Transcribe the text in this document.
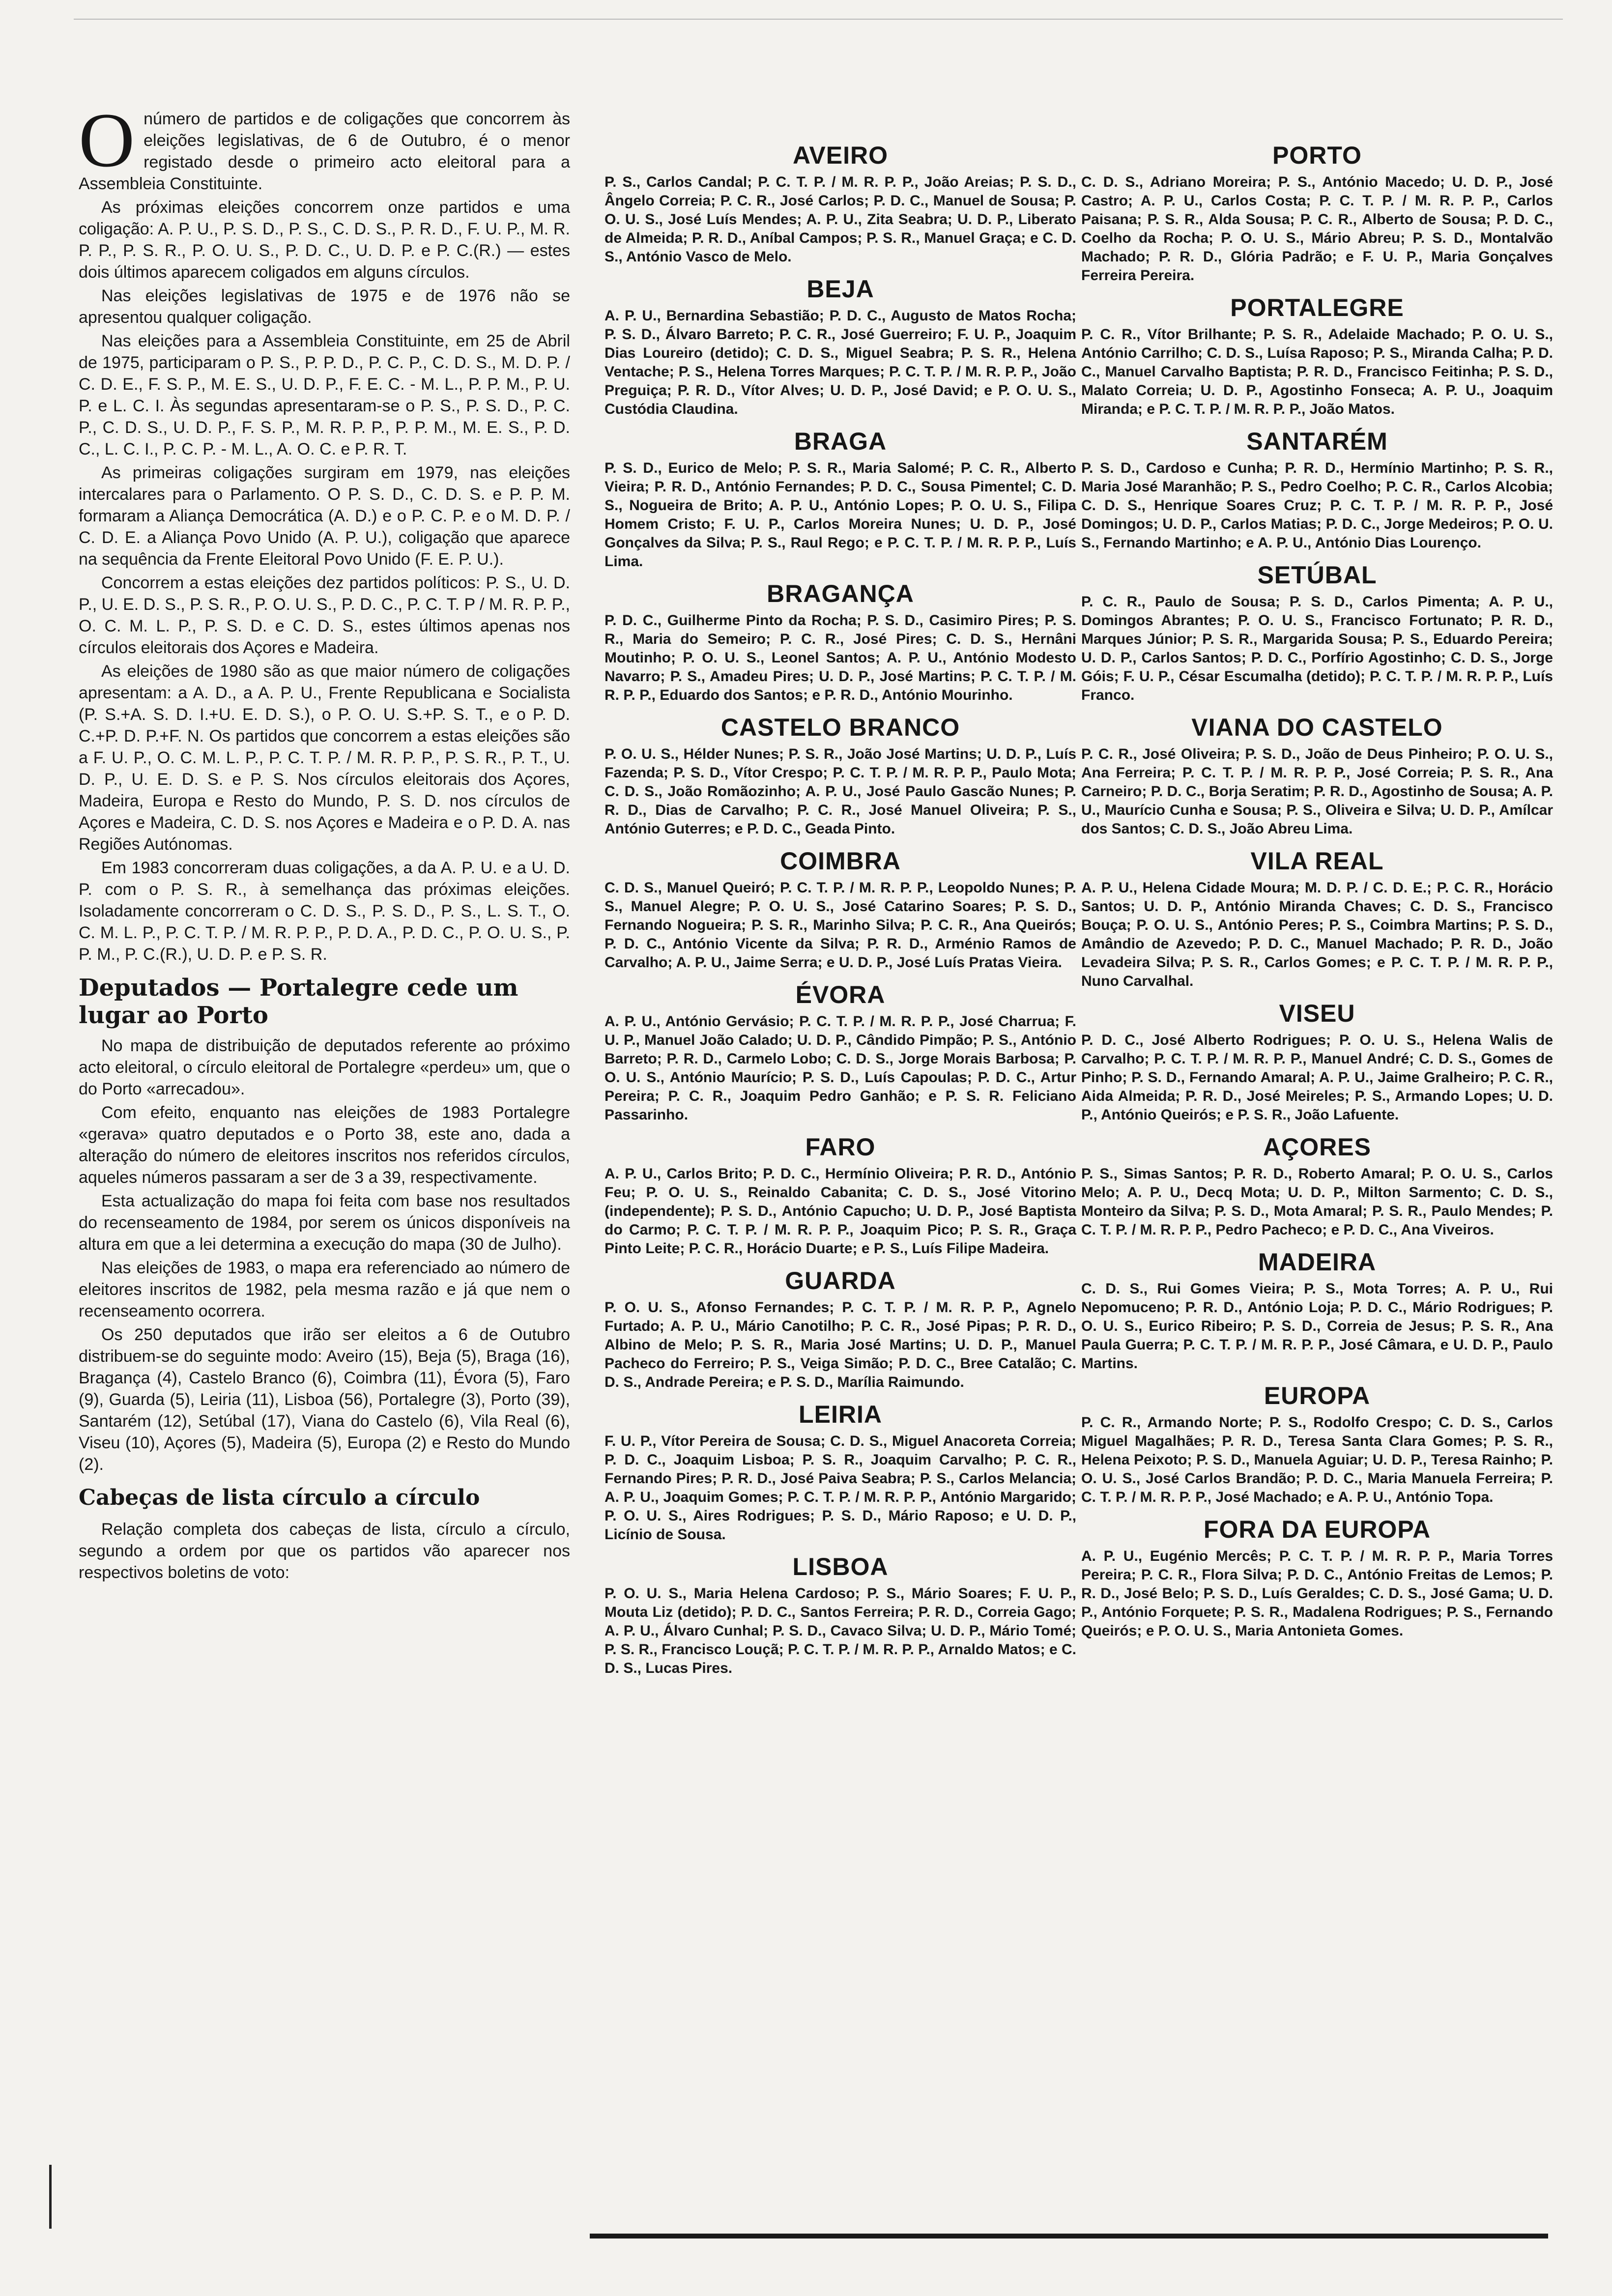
Onúmero de partidos e de coligações que concorrem às eleições legislativas, de 6 de Outubro, é o menor registado desde o primeiro acto eleitoral para a Assembleia Constituinte.

As próximas eleições concorrem onze partidos e uma coligação: A. P. U., P. S. D., P. S., C. D. S., P. R. D., F. U. P., M. R. P. P., P. S. R., P. O. U. S., P. D. C., U. D. P. e P. C.(R.) — estes dois últimos aparecem coligados em alguns círculos.

Nas eleições legislativas de 1975 e de 1976 não se apresentou qualquer coligação.

Nas eleições para a Assembleia Constituinte, em 25 de Abril de 1975, participaram o P. S., P. P. D., P. C. P., C. D. S., M. D. P. / C. D. E., F. S. P., M. E. S., U. D. P., F. E. C. - M. L., P. P. M., P. U. P. e L. C. I. Às segundas apresentaram-se o P. S., P. S. D., P. C. P., C. D. S., U. D. P., F. S. P., M. R. P. P., P. P. M., M. E. S., P. D. C., L. C. I., P. C. P. - M. L., A. O. C. e P. R. T.

As primeiras coligações surgiram em 1979, nas eleições intercalares para o Parlamento. O P. S. D., C. D. S. e P. P. M. formaram a Aliança Democrática (A. D.) e o P. C. P. e o M. D. P. / C. D. E. a Aliança Povo Unido (A. P. U.), coligação que aparece na sequência da Frente Eleitoral Povo Unido (F. E. P. U.).

Concorrem a estas eleições dez partidos políticos: P. S., U. D. P., U. E. D. S., P. S. R., P. O. U. S., P. D. C., P. C. T. P / M. R. P. P., O. C. M. L. P., P. S. D. e C. D. S., estes últimos apenas nos círculos eleitorais dos Açores e Madeira.

As eleições de 1980 são as que maior número de coligações apresentam: a A. D., a A. P. U., Frente Republicana e Socialista (P. S.+A. S. D. I.+U. E. D. S.), o P. O. U. S.+P. S. T., e o P. D. C.+P. D. P.+F. N. Os partidos que concorrem a estas eleições são a F. U. P., O. C. M. L. P., P. C. T. P. / M. R. P. P., P. S. R., P. T., U. D. P., U. E. D. S. e P. S. Nos círculos eleitorais dos Açores, Madeira, Europa e Resto do Mundo, P. S. D. nos círculos de Açores e Madeira, C. D. S. nos Açores e Madeira e o P. D. A. nas Regiões Autónomas.

Em 1983 concorreram duas coligações, a da A. P. U. e a U. D. P. com o P. S. R., à semelhança das próximas eleições. Isoladamente concorreram o C. D. S., P. S. D., P. S., L. S. T., O. C. M. L. P., P. C. T. P. / M. R. P. P., P. D. A., P. D. C., P. O. U. S., P. P. M., P. C.(R.), U. D. P. e P. S. R.

Deputados — Portalegre cede um lugar ao Porto

No mapa de distribuição de deputados referente ao próximo acto eleitoral, o círculo eleitoral de Portalegre «perdeu» um, que o do Porto «arrecadou».

Com efeito, enquanto nas eleições de 1983 Portalegre «gerava» quatro deputados e o Porto 38, este ano, dada a alteração do número de eleitores inscritos nos referidos círculos, aqueles números passaram a ser de 3 a 39, respectivamente.

Esta actualização do mapa foi feita com base nos resultados do recenseamento de 1984, por serem os únicos disponíveis na altura em que a lei determina a execução do mapa (30 de Julho).

Nas eleições de 1983, o mapa era referenciado ao número de eleitores inscritos de 1982, pela mesma razão e já que nem o recenseamento ocorrera.

Os 250 deputados que irão ser eleitos a 6 de Outubro distribuem-se do seguinte modo: Aveiro (15), Beja (5), Braga (16), Bragança (4), Castelo Branco (6), Coimbra (11), Évora (5), Faro (9), Guarda (5), Leiria (11), Lisboa (56), Portalegre (3), Porto (39), Santarém (12), Setúbal (17), Viana do Castelo (6), Vila Real (6), Viseu (10), Açores (5), Madeira (5), Europa (2) e Resto do Mundo (2).

Cabeças de lista círculo a círculo

Relação completa dos cabeças de lista, círculo a círculo, segundo a ordem por que os partidos vão aparecer nos respectivos boletins de voto:

AVEIRO
P. S., Carlos Candal; P. C. T. P. / M. R. P. P., João Areias; P. S. D., Ângelo Correia; P. C. R., José Carlos; P. D. C., Manuel de Sousa; P. O. U. S., José Luís Mendes; A. P. U., Zita Seabra; U. D. P., Liberato de Almeida; P. R. D., Aníbal Campos; P. S. R., Manuel Graça; e C. D. S., António Vasco de Melo.
BEJA
A. P. U., Bernardina Sebastião; P. D. C., Augusto de Matos Rocha; P. S. D., Álvaro Barreto; P. C. R., José Guerreiro; F. U. P., Joaquim Dias Loureiro (detido); C. D. S., Miguel Seabra; P. S. R., Helena Ventache; P. S., Helena Torres Marques; P. C. T. P. / M. R. P. P., João Preguiça; P. R. D., Vítor Alves; U. D. P., José David; e P. O. U. S., Custódia Claudina.
BRAGA
P. S. D., Eurico de Melo; P. S. R., Maria Salomé; P. C. R., Alberto Vieira; P. R. D., António Fernandes; P. D. C., Sousa Pimentel; C. D. S., Nogueira de Brito; A. P. U., António Lopes; P. O. U. S., Filipa Homem Cristo; F. U. P., Carlos Moreira Nunes; U. D. P., José Gonçalves da Silva; P. S., Raul Rego; e P. C. T. P. / M. R. P. P., Luís Lima.
BRAGANÇA
P. D. C., Guilherme Pinto da Rocha; P. S. D., Casimiro Pires; P. S. R., Maria do Semeiro; P. C. R., José Pires; C. D. S., Hernâni Moutinho; P. O. U. S., Leonel Santos; A. P. U., António Modesto Navarro; P. S., Amadeu Pires; U. D. P., José Martins; P. C. T. P. / M. R. P. P., Eduardo dos Santos; e P. R. D., António Mourinho.
CASTELO BRANCO
P. O. U. S., Hélder Nunes; P. S. R., João José Martins; U. D. P., Luís Fazenda; P. S. D., Vítor Crespo; P. C. T. P. / M. R. P. P., Paulo Mota; C. D. S., João Romãozinho; A. P. U., José Paulo Gascão Nunes; P. R. D., Dias de Carvalho; P. C. R., José Manuel Oliveira; P. S., António Guterres; e P. D. C., Geada Pinto.
COIMBRA
C. D. S., Manuel Queiró; P. C. T. P. / M. R. P. P., Leopoldo Nunes; P. S., Manuel Alegre; P. O. U. S., José Catarino Soares; P. S. D., Fernando Nogueira; P. S. R., Marinho Silva; P. C. R., Ana Queirós; P. D. C., António Vicente da Silva; P. R. D., Arménio Ramos de Carvalho; A. P. U., Jaime Serra; e U. D. P., José Luís Pratas Vieira.
ÉVORA
A. P. U., António Gervásio; P. C. T. P. / M. R. P. P., José Charrua; F. U. P., Manuel João Calado; U. D. P., Cândido Pimpão; P. S., António Barreto; P. R. D., Carmelo Lobo; C. D. S., Jorge Morais Barbosa; P. O. U. S., António Maurício; P. S. D., Luís Capoulas; P. D. C., Artur Pereira; P. C. R., Joaquim Pedro Ganhão; e P. S. R. Feliciano Passarinho.
FARO
A. P. U., Carlos Brito; P. D. C., Hermínio Oliveira; P. R. D., António Feu; P. O. U. S., Reinaldo Cabanita; C. D. S., José Vitorino (independente); P. S. D., António Capucho; U. D. P., José Baptista do Carmo; P. C. T. P. / M. R. P. P., Joaquim Pico; P. S. R., Graça Pinto Leite; P. C. R., Horácio Duarte; e P. S., Luís Filipe Madeira.
GUARDA
P. O. U. S., Afonso Fernandes; P. C. T. P. / M. R. P. P., Agnelo Furtado; A. P. U., Mário Canotilho; P. C. R., José Pipas; P. R. D., Albino de Melo; P. S. R., Maria José Martins; U. D. P., Manuel Pacheco do Ferreiro; P. S., Veiga Simão; P. D. C., Bree Catalão; C. D. S., Andrade Pereira; e P. S. D., Marília Raimundo.
LEIRIA
F. U. P., Vítor Pereira de Sousa; C. D. S., Miguel Anacoreta Correia; P. D. C., Joaquim Lisboa; P. S. R., Joaquim Carvalho; P. C. R., Fernando Pires; P. R. D., José Paiva Seabra; P. S., Carlos Melancia; A. P. U., Joaquim Gomes; P. C. T. P. / M. R. P. P., António Margarido; P. O. U. S., Aires Rodrigues; P. S. D., Mário Raposo; e U. D. P., Licínio de Sousa.
LISBOA
P. O. U. S., Maria Helena Cardoso; P. S., Mário Soares; F. U. P., Mouta Liz (detido); P. D. C., Santos Ferreira; P. R. D., Correia Gago; A. P. U., Álvaro Cunhal; P. S. D., Cavaco Silva; U. D. P., Mário Tomé; P. S. R., Francisco Louçã; P. C. T. P. / M. R. P. P., Arnaldo Matos; e C. D. S., Lucas Pires.
PORTO
C. D. S., Adriano Moreira; P. S., António Macedo; U. D. P., José Castro; A. P. U., Carlos Costa; P. C. T. P. / M. R. P. P., Carlos Paisana; P. S. R., Alda Sousa; P. C. R., Alberto de Sousa; P. D. C., Coelho da Rocha; P. O. U. S., Mário Abreu; P. S. D., Montalvão Machado; P. R. D., Glória Padrão; e F. U. P., Maria Gonçalves Ferreira Pereira.
PORTALEGRE
P. C. R., Vítor Brilhante; P. S. R., Adelaide Machado; P. O. U. S., António Carrilho; C. D. S., Luísa Raposo; P. S., Miranda Calha; P. D. C., Manuel Carvalho Baptista; P. R. D., Francisco Feitinha; P. S. D., Malato Correia; U. D. P., Agostinho Fonseca; A. P. U., Joaquim Miranda; e P. C. T. P. / M. R. P. P., João Matos.
SANTARÉM
P. S. D., Cardoso e Cunha; P. R. D., Hermínio Martinho; P. S. R., Maria José Maranhão; P. S., Pedro Coelho; P. C. R., Carlos Alcobia; C. D. S., Henrique Soares Cruz; P. C. T. P. / M. R. P. P., José Domingos; U. D. P., Carlos Matias; P. D. C., Jorge Medeiros; P. O. U. S., Fernando Martinho; e A. P. U., António Dias Lourenço.
SETÚBAL
P. C. R., Paulo de Sousa; P. S. D., Carlos Pimenta; A. P. U., Domingos Abrantes; P. O. U. S., Francisco Fortunato; P. R. D., Marques Júnior; P. S. R., Margarida Sousa; P. S., Eduardo Pereira; U. D. P., Carlos Santos; P. D. C., Porfírio Agostinho; C. D. S., Jorge Góis; F. U. P., César Escumalha (detido); P. C. T. P. / M. R. P. P., Luís Franco.
VIANA DO CASTELO
P. C. R., José Oliveira; P. S. D., João de Deus Pinheiro; P. O. U. S., Ana Ferreira; P. C. T. P. / M. R. P. P., José Correia; P. S. R., Ana Carneiro; P. D. C., Borja Seratim; P. R. D., Agostinho de Sousa; A. P. U., Maurício Cunha e Sousa; P. S., Oliveira e Silva; U. D. P., Amílcar dos Santos; C. D. S., João Abreu Lima.
VILA REAL
A. P. U., Helena Cidade Moura; M. D. P. / C. D. E.; P. C. R., Horácio Santos; U. D. P., António Miranda Chaves; C. D. S., Francisco Bouça; P. O. U. S., António Peres; P. S., Coimbra Martins; P. S. D., Amândio de Azevedo; P. D. C., Manuel Machado; P. R. D., João Levadeira Silva; P. S. R., Carlos Gomes; e P. C. T. P. / M. R. P. P., Nuno Carvalhal.
VISEU
P. D. C., José Alberto Rodrigues; P. O. U. S., Helena Walis de Carvalho; P. C. T. P. / M. R. P. P., Manuel André; C. D. S., Gomes de Pinho; P. S. D., Fernando Amaral; A. P. U., Jaime Gralheiro; P. C. R., Aida Almeida; P. R. D., José Meireles; P. S., Armando Lopes; U. D. P., António Queirós; e P. S. R., João Lafuente.
AÇORES
P. S., Simas Santos; P. R. D., Roberto Amaral; P. O. U. S., Carlos Melo; A. P. U., Decq Mota; U. D. P., Milton Sarmento; C. D. S., Monteiro da Silva; P. S. D., Mota Amaral; P. S. R., Paulo Mendes; P. C. T. P. / M. R. P. P., Pedro Pacheco; e P. D. C., Ana Viveiros.
MADEIRA
C. D. S., Rui Gomes Vieira; P. S., Mota Torres; A. P. U., Rui Nepomuceno; P. R. D., António Loja; P. D. C., Mário Rodrigues; P. O. U. S., Eurico Ribeiro; P. S. D., Correia de Jesus; P. S. R., Ana Paula Guerra; P. C. T. P. / M. R. P. P., José Câmara, e U. D. P., Paulo Martins.
EUROPA
P. C. R., Armando Norte; P. S., Rodolfo Crespo; C. D. S., Carlos Miguel Magalhães; P. R. D., Teresa Santa Clara Gomes; P. S. R., Helena Peixoto; P. S. D., Manuela Aguiar; U. D. P., Teresa Rainho; P. O. U. S., José Carlos Brandão; P. D. C., Maria Manuela Ferreira; P. C. T. P. / M. R. P. P., José Machado; e A. P. U., António Topa.
FORA DA EUROPA
A. P. U., Eugénio Mercês; P. C. T. P. / M. R. P. P., Maria Torres Pereira; P. C. R., Flora Silva; P. D. C., António Freitas de Lemos; P. R. D., José Belo; P. S. D., Luís Geraldes; C. D. S., José Gama; U. D. P., António Forquete; P. S. R., Madalena Rodrigues; P. S., Fernando Queirós; e P. O. U. S., Maria Antonieta Gomes.
